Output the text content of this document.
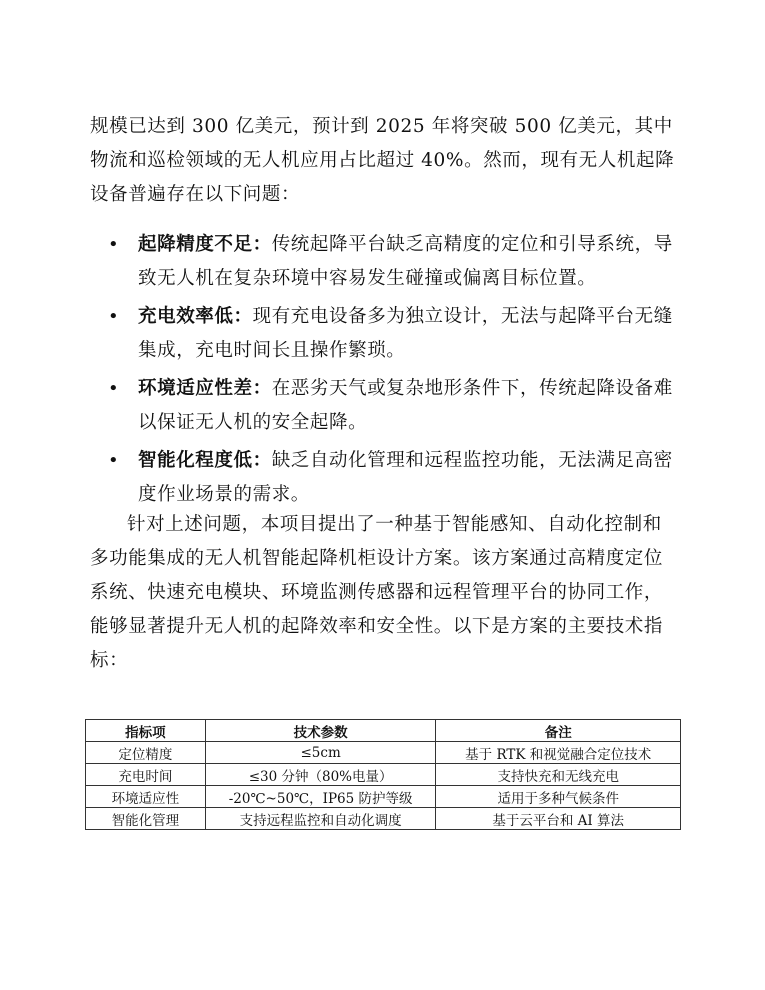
规模已达到 300 亿美元，预计到 2025 年将突破 500 亿美元，其中物流和巡检领域的无人机应用占比超过 40%。然而，现有无人机起降设备普遍存在以下问题：

• 起降精度不足：传统起降平台缺乏高精度的定位和引导系统，导致无人机在复杂环境中容易发生碰撞或偏离目标位置。
• 充电效率低：现有充电设备多为独立设计，无法与起降平台无缝集成，充电时间长且操作繁琐。
• 环境适应性差：在恶劣天气或复杂地形条件下，传统起降设备难以保证无人机的安全起降。
• 智能化程度低：缺乏自动化管理和远程监控功能，无法满足高密度作业场景的需求。

针对上述问题，本项目提出了一种基于智能感知、自动化控制和多功能集成的无人机智能起降机柜设计方案。该方案通过高精度定位系统、快速充电模块、环境监测传感器和远程管理平台的协同工作，能够显著提升无人机的起降效率和安全性。以下是方案的主要技术指标：

指标项	技术参数	备注
定位精度	≤5cm	基于 RTK 和视觉融合定位技术
充电时间	≤30 分钟（80%电量）	支持快充和无线充电
环境适应性	-20℃~50℃，IP65 防护等级	适用于多种气候条件
智能化管理	支持远程监控和自动化调度	基于云平台和 AI 算法
